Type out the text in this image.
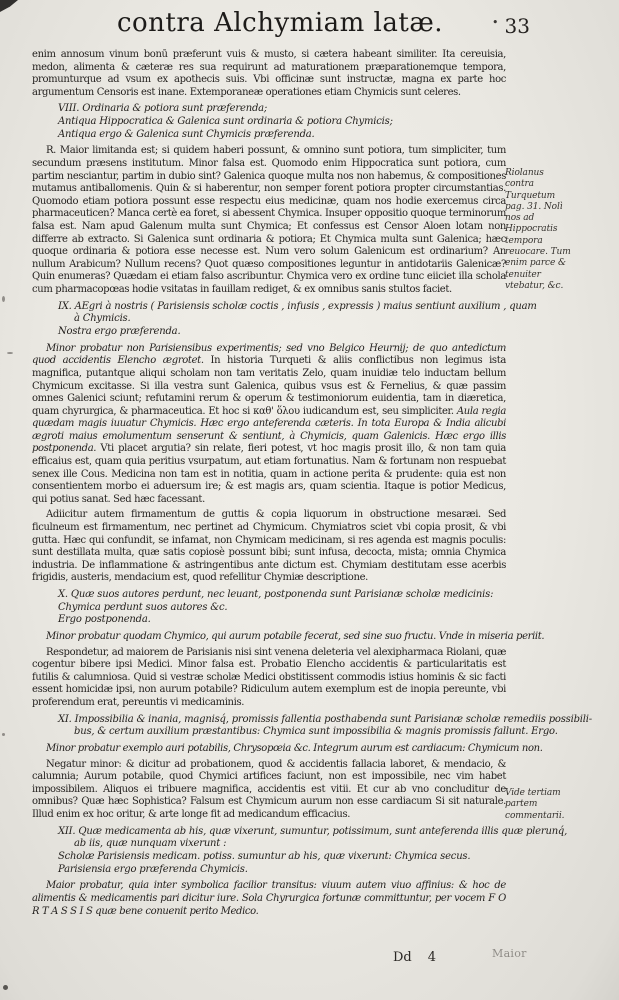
contra Alchymiam latæ.	• 33

enim annosum vinum bonū præferunt vuis & musto, si cætera habeant similiter. Ita cereuisia, medon, alimenta & cæteræ res sua requirunt ad maturationem præparationemque tempora, promunturque ad vsum ex apothecis suis. Vbi officinæ sunt instructæ, magna ex parte hoc argumentum Censoris est inane. Extemporaneæ operationes etiam Chymicis sunt celeres.

VIII. Ordinaria & potiora sunt præferenda;
Antiqua Hippocratica & Galenica sunt ordinaria & potiora Chymicis;
Antiqua ergo & Galenica sunt Chymicis præferenda.

R. Maior limitanda est; si quidem haberi possunt, & omnino sunt potiora, tum simpliciter, tum secundum præsens institutum. Minor falsa est. Quomodo enim Hippocratica sunt potiora, cum partim nesciantur, partim in dubio sint? Galenica quoque multa nos non habemus, & compositiones mutamus antiballomenis. Quin & si haberentur, non semper forent potiora propter circumstantias. Quomodo etiam potiora possunt esse respectu eius medicinæ, quam nos hodie exercemus circa pharmaceuticen? Manca certè ea foret, si abessent Chymica. Insuper oppositio quoque terminorum falsa est. Nam apud Galenum multa sunt Chymica; Et confessus est Censor Aloen lotam non differre ab extracto. Si Galenica sunt ordinaria & potiora; Et Chymica multa sunt Galenica; hæc quoque ordinaria & potiora esse necesse est. Num vero solum Galenicum est ordinarium? An nullum Arabicum? Nullum recens? Quot quæso compositiones leguntur in antidotariis Galenicæ? Quin enumeras? Quædam ei etiam falso ascribuntur. Chymica vero ex ordine tunc eiiciet illa schola cum pharmacopœas hodie vsitatas in fauillam rediget, & ex omnibus sanis stultos faciet.

IX. AEgri à nostris ( Parisiensis scholæ coctis , infusis , expressis ) maius sentiunt auxilium , quam
à Chymicis.
Nostra ergo præferenda.

Minor probatur non Parisiensibus experimentis; sed vno Belgico Heurnij; de quo antedictum quod accidentis Elencho ægrotet. In historia Turqueti & aliis conflictibus non legimus ista magnifica, putantque aliqui scholam non tam veritatis Zelo, quam inuidiæ telo inductam bellum Chymicum excitasse. Si illa vestra sunt Galenica, quibus vsus est & Fernelius, & quæ passim omnes Galenici sciunt; refutamini rerum & operum & testimoniorum euidentia, tam in diæretica, quam chyrurgica, & pharmaceutica. Et hoc si καθ' ὅλου iudicandum est, seu simpliciter. Aula regia quædam magis iuuatur Chymicis. Hæc ergo anteferenda cæteris. In tota Europa & India alicubi ægroti maius emolumentum senserunt & sentiunt, à Chymicis, quam Galenicis. Hæc ergo illis postponenda. Vti placet argutia? sin relate, fieri potest, vt hoc magis prosit illo, & non tam quia efficaius est, quam quia peritius vsurpatum, aut etiam fortunatius. Nam & fortunam non respuebat senex ille Cous. Medicina non tam est in notitia, quam in actione perita & prudente: quia est non consentientem morbo ei aduersum ire; & est magis ars, quam scientia. Itaque is potior Medicus, qui potius sanat. Sed hæc facessant.

Adiicitur autem firmamentum de guttis & copia liquorum in obstructione mesaræi. Sed ficulneum est firmamentum, nec pertinet ad Chymicum. Chymiatros sciet vbi copia prosit, & vbi gutta. Hæc qui confundit, se infamat, non Chymicam medicinam, si res agenda est magnis poculis: sunt destillata multa, quæ satis copiosè possunt bibi; sunt infusa, decocta, mista; omnia Chymica industria. De inflammatione & astringentibus ante dictum est. Chymiam destitutam esse acerbis frigidis, austeris, mendacium est, quod refellitur Chymiæ descriptione.

X. Quæ suos autores perdunt, nec leuant, postponenda sunt Parisianæ scholæ medicinis:
Chymica perdunt suos autores &c.
Ergo postponenda.

Minor probatur quodam Chymico, qui aurum potabile fecerat, sed sine suo fructu. Vnde in miseria periit.

Respondetur, ad maiorem de Parisianis nisi sint venena deleteria vel alexipharmaca Riolani, quæ cogentur bibere ipsi Medici. Minor falsa est. Probatio Elencho accidentis & particularitatis est futilis & calumniosa. Quid si vestræ scholæ Medici obstitissent commodis istius hominis & sic facti essent homicidæ ipsi, non aurum potabile? Ridiculum autem exemplum est de inopia pereunte, vbi proferendum erat, pereuntis vi medicaminis.

XI. Impossibilia & inania, magnisq́, promissis fallentia posthabenda sunt Parisianæ scholæ remediis possibili-
bus, & certum auxilium præstantibus: Chymica sunt impossibilia & magnis promissis fallunt. Ergo.

Minor probatur exemplo auri potabilis, Chrysopœia &c. Integrum aurum est cardiacum: Chymicum non.

Negatur minor: & dicitur ad probationem, quod & accidentis fallacia laboret, & mendacio, & calumnia; Aurum potabile, quod Chymici artifices faciunt, non est impossibile, nec vim habet impossibilem. Aliquos ei tribuere magnifica, accidentis est vitii. Et cur ab vno concluditur de omnibus? Quæ hæc Sophistica? Falsum est Chymicum aurum non esse cardiacum Si sit naturale. Illud enim ex hoc oritur, & arte longe fit ad medicandum efficacius.

XII. Quæ medicamenta ab his, quæ vixerunt, sumuntur, potissimum, sunt anteferenda illis quæ plerunq́,
ab iis, quæ nunquam vixerunt :
Scholæ Parisiensis medicam. potiss. sumuntur ab his, quæ vixerunt: Chymica secus.
Parisiensia ergo præferenda Chymicis.

Maior probatur, quia inter symbolica facilior transitus: viuum autem viuo affinius: & hoc de alimentis & medicamentis pari dicitur iure. Sola Chyrurgica fortunæ committuntur, per vocem F O R T A S S I S quæ bene conuenit perito Medico.

Riolanus contra Turquetum pag. 31. Nolì nos ad Hippocratis tempora reuocare. Tum enim parce & tenuiter vtebatur, &c.
Vide tertiam partem commentarii.
Dd 4	Maior
